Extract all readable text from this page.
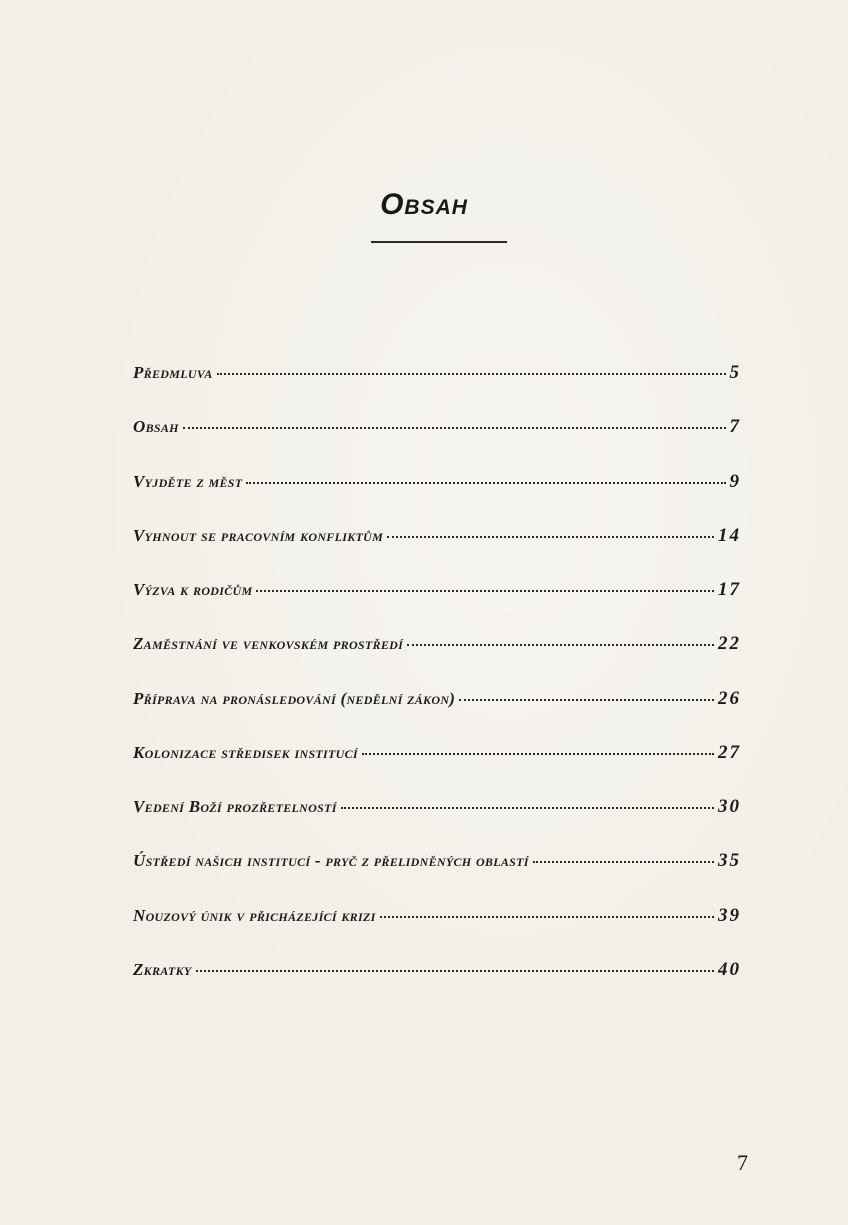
Obsah
Předmluva	5
Obsah	7
Vyjděte z měst	9
Vyhnout se pracovním konfliktům	14
Výzva k rodičům	17
Zaměstnání ve venkovském prostředí	22
Příprava na pronásledování (nedělní zákon)	26
Kolonizace středisek institucí	27
Vedení Boží prozřetelností	30
Ústředí našich institucí - pryč z přelidněných oblastí	35
Nouzový únik v přicházející krizi	39
Zkratky	40
7
